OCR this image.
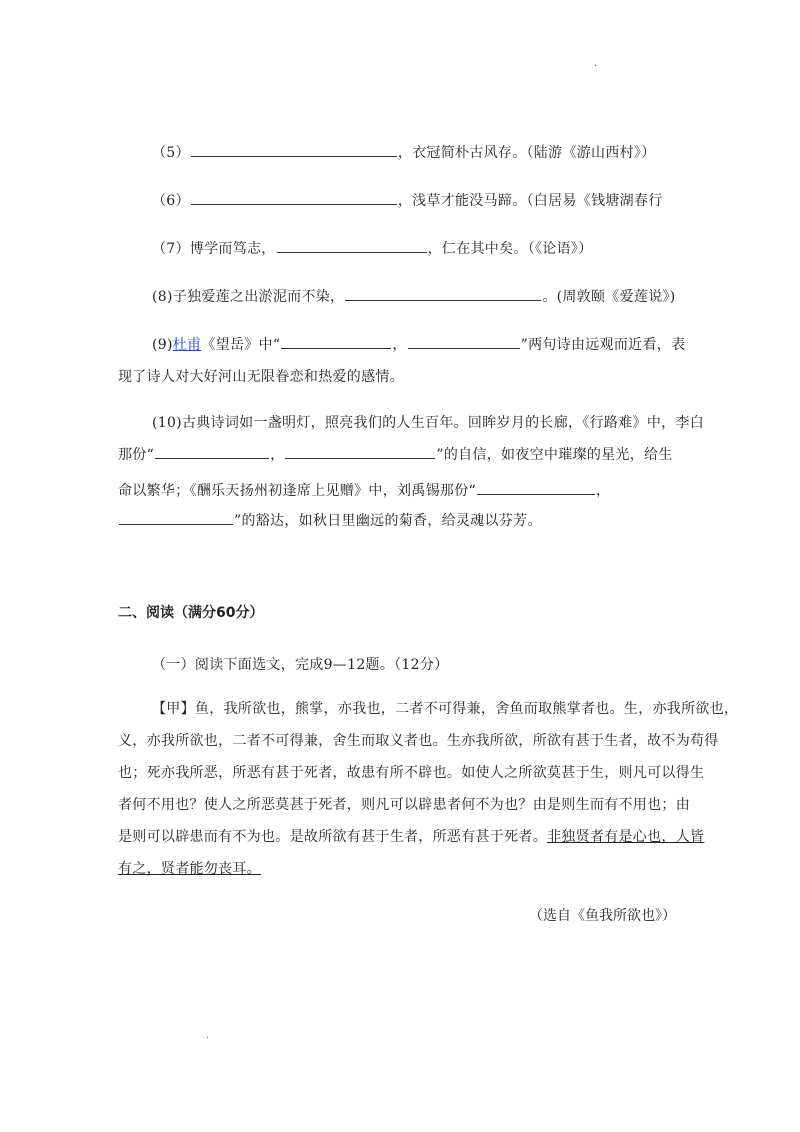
.
（5）	，衣冠简朴古风存。（陆游《游山西村》）
（6）	，浅草才能没马蹄。（白居易《钱塘湖春行
（7）博学而笃志，	，仁在其中矣。（《论语》）
(8)子独爱莲之出淤泥而不染，	。(周敦颐《爱莲说》)
(9)杜甫《望岳》中“	，	”两句诗由远观而近看，表
现了诗人对大好河山无限眷恋和热爱的感情。
(10)古典诗词如一盏明灯，照亮我们的人生百年。回眸岁月的长廊，《行路难》中，李白
那份“	，	”的自信，如夜空中璀璨的星光，给生
命以繁华；《酬乐天扬州初逢席上见赠》中，刘禹锡那份“	，
”的豁达，如秋日里幽远的菊香，给灵魂以芬芳。
二、阅读（满分60分）
（一）阅读下面选文，完成9—12题。（12分）
【甲】鱼，我所欲也，熊掌，亦我也，二者不可得兼，舍鱼而取熊掌者也。生，亦我所欲也，
义，亦我所欲也，二者不可得兼，舍生而取义者也。生亦我所欲，所欲有甚于生者，故不为苟得
也；死亦我所恶，所恶有甚于死者，故患有所不辟也。如使人之所欲莫甚于生，则凡可以得生
者何不用也？使人之所恶莫甚于死者，则凡可以辟患者何不为也？由是则生而有不用也；由
是则可以辟患而有不为也。是故所欲有甚于生者，所恶有甚于死者。非独贤者有是心也，人皆
有之，贤者能勿丧耳。
（选自《鱼我所欲也》）
.
